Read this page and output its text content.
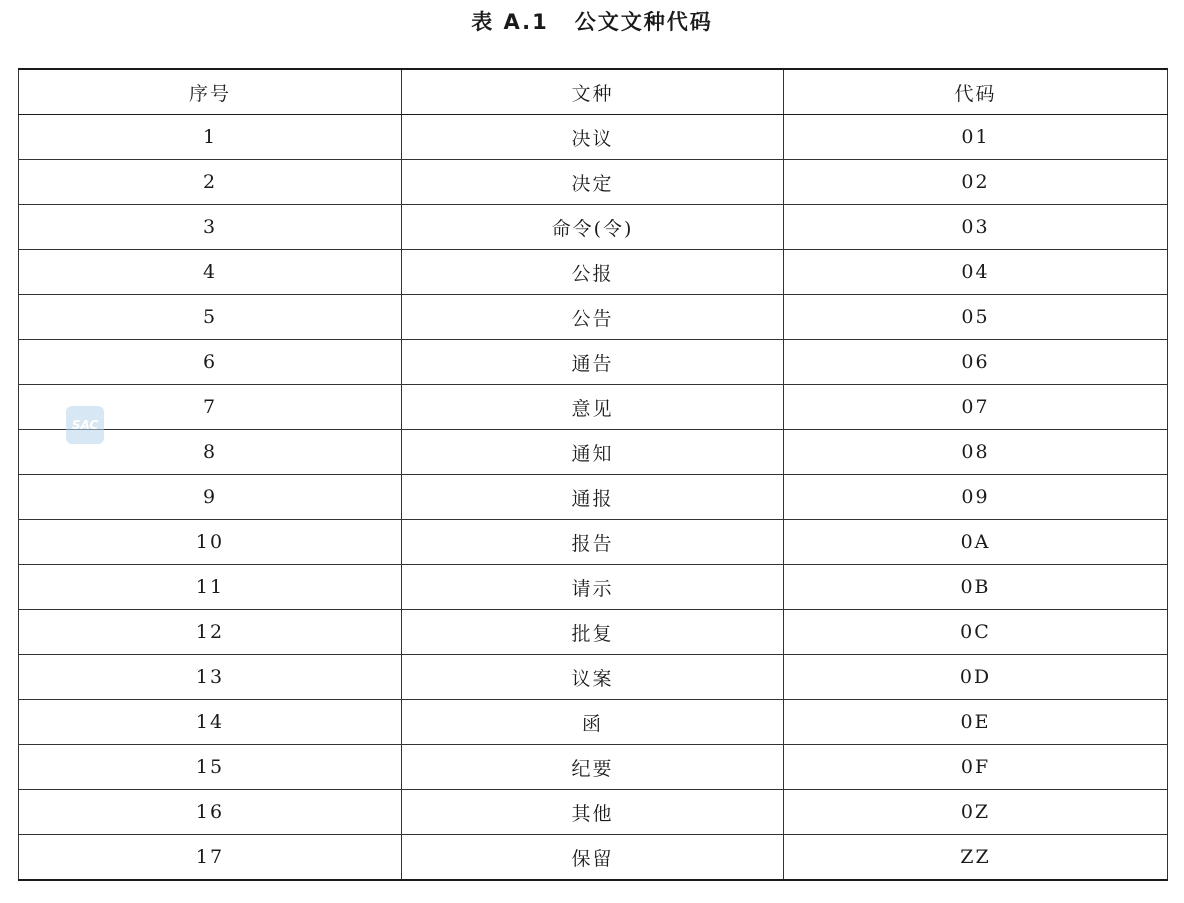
表 A.1 公文文种代码
序号	文种	代码
1	决议	01
2	决定	02
3	命令(令)	03
4	公报	04
5	公告	05
6	通告	06
7	意见	07
8	通知	08
9	通报	09
10	报告	0A
11	请示	0B
12	批复	0C
13	议案	0D
14	函	0E
15	纪要	0F
16	其他	0Z
17	保留	ZZ
SAC
